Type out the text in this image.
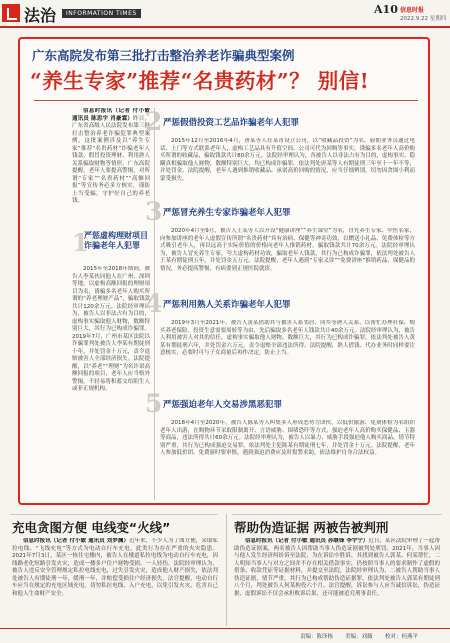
法治	INFORMATION TIMES	A10 信息时报
2022.9.22 星期四
广东高院发布第三批打击整治养老诈骗典型案例
“养生专家”推荐“名贵药材”？ 别信!

信息时报讯（记者 付小敏 通讯员 陈思宇 肖豪霖）昨日，广东省高级人民法院发布第三批打击整治养老诈骗犯罪典型案例，这批案例涉及以“养生专家”推荐“名贵药材”诈骗老年人钱款、假冒投资理财、利用熟人关系骗取财物等情形。广东高院提醒，老年人要提高警惕，对所谓“专家”“名贵药材”“高额回报”等宣传务必多方核实，谨防上当受骗，守护好自己的养老钱。

1
严惩虚构理财项目诈骗老年人犯罪

2015年至2018年期间，被告人李某伙同他人在广州、深圳等地，以虚构高额回报的理财项目为名，诱骗多名老年人购买所谓的“养老理财产品”，骗取钱款共计120余万元。法院经审理认为，被告人以非法占有为目的，虚构事实骗取他人财物，数额特别巨大，其行为已构成诈骗罪。2019年7月，广州市某区法院以诈骗罪判处被告人李某有期徒刑十年，并处罚金十万元，责令退赔被害人全部经济损失。法院提醒，以“养老”“理财”为名许诺高额回报的项目，老年人应当格外警惕，不轻易将积蓄交给陌生人或非正规机构。

2 严惩假借投资工艺品诈骗老年人犯罪

2015年12月至2016年4月，唐某等人在某市设立公司，以“收藏品投资”为名，雇佣业务员通过电话、上门等方式联系老年人，虚构工艺品具有升值空间、公司可代为回购等事实，诱骗多名老年人高价购买所谓的收藏品，骗取钱款共计80余万元。法院经审理认为，各被告人以非法占有为目的，虚构事实、隐瞒真相骗取他人财物，数额特别巨大，均已构成诈骗罪，依法判处唐某等人有期徒刑三年至十一年不等，并处罚金。法院提醒，老年人遇到推销收藏品、承诺高价回购的情况，应当仔细辨别，切勿因贪图小利而蒙受损失。

3 严惩冒充养生专家诈骗老年人犯罪

2020年4月至9月，被告人王某等人以开设“健康讲座”“养生课堂”为名，冒充养生专家、中医名家，向参加讲座的老年人虚假宣传所谓“名贵药材”具有治病、保健等神奇功效，以赠送小礼品、免费体检等方式吸引老年人，再以远高于实际价值的价格向老年人推销药材，骗取钱款共计70余万元。法院经审理认为，被告人冒充养生专家，夸大虚构药材功效，骗取老年人钱款，其行为已构成诈骗罪，依法判处被告人王某有期徒刑五年，并处罚金五万元。法院提醒，老年人遇到“专家义诊”“免费讲座”推销药品、保健品的情况，务必提高警惕，有病要到正规医院就诊。

4 严惩利用熟人关系诈骗老年人犯罪

2019年3月至2021年，被告人黄某借助其与被害人系邻居、同乡等熟人关系，以帮忙办理社保、购买养老保险、投资生意需要周转等为由，先后骗取多名老年人钱款共计40余万元。法院经审理认为，被告人利用被害人对其的信任，虚构事实骗取他人财物，数额巨大，其行为已构成诈骗罪，依法判处被告人黄某有期徒刑六年，并处罚金六万元，责令退赔全部违法所得。法院提醒，熟人借钱、代办业务时同样要注意核实，必要时可与子女商量后再作决定，防止上当。

5 严惩强迫老年人交易涉黑恶犯罪

2018年4月至2020年，被告人陈某等人纠集多人形成恶势力团伙，以低价旅游、免费体检为名组织老年人出游，在购物环节采取限制离开、言语威胁、围堵恐吓等方式，强迫老年人高价购买保健品、玉器等商品，违法所得共计60余万元。法院经审理认为，被告人以暴力、威胁手段强迫他人购买商品，情节特别严重，其行为已构成强迫交易罪，依法判处主犯陈某有期徒刑七年，并处罚金十万元。法院提醒，老年人参加低价团、免费游时要审慎，遇到强迫消费应及时报警求助，依法维护自身合法权益。

充电贪图方便 电线变“火线”

信息时报讯（记者 付小敏 通讯员 刘梦澜）近年来，不少人为了图方便，采取私拉电线、“飞线充电”等方式为电动自行车充电，此类行为存在严重的火灾隐患。2021年7月3日，某区一栋住宅楼内，被告人在楼道私拉电线为电动自行车充电，因线路老化短路引发火灾，造成一楼多户住户财物受损、一人轻伤。法院经审理认为，被告人违反安全管理规定私拉电线充电，过失引发火灾，造成他人财产损失，依法判处被告人有期徒刑一年，缓刑一年，并赔偿受损住户经济损失。法官提醒，电动自行车应当在规定的充电区域充电，切勿私拉电线、入户充电，以免引发火灾，危害自己和他人生命财产安全。

帮助伪造证据 两被告被判刑

信息时报讯（记者 付小敏 通讯员 孙继锋 李宇宁）近日，某区法院审理了一起帮助伪造证据案，两名被告人因帮助当事人伪造证据被判处刑罚。2021年，当事人因与他人发生经济纠纷诉至法院，为在诉讼中胜诉，其找到被告人郭某、何某帮忙，二人明知当事人与对方之间并不存在相关借款事实，仍按照当事人的要求制作了虚假的借条、收款凭证等证据材料，并提交至法院。法院经审理认为，二被告人帮助当事人伪造证据，情节严重，其行为已构成帮助伪造证据罪，依法判处被告人郭某有期徒刑八个月，判处被告人何某拘役六个月。法官提醒，诉讼参与人应当诚信诉讼，伪造证据、虚假诉讼不仅会承担败诉后果，还可能被追究刑事责任。

责编：陈泽栋 美编：刘薇 校对：何燕平
